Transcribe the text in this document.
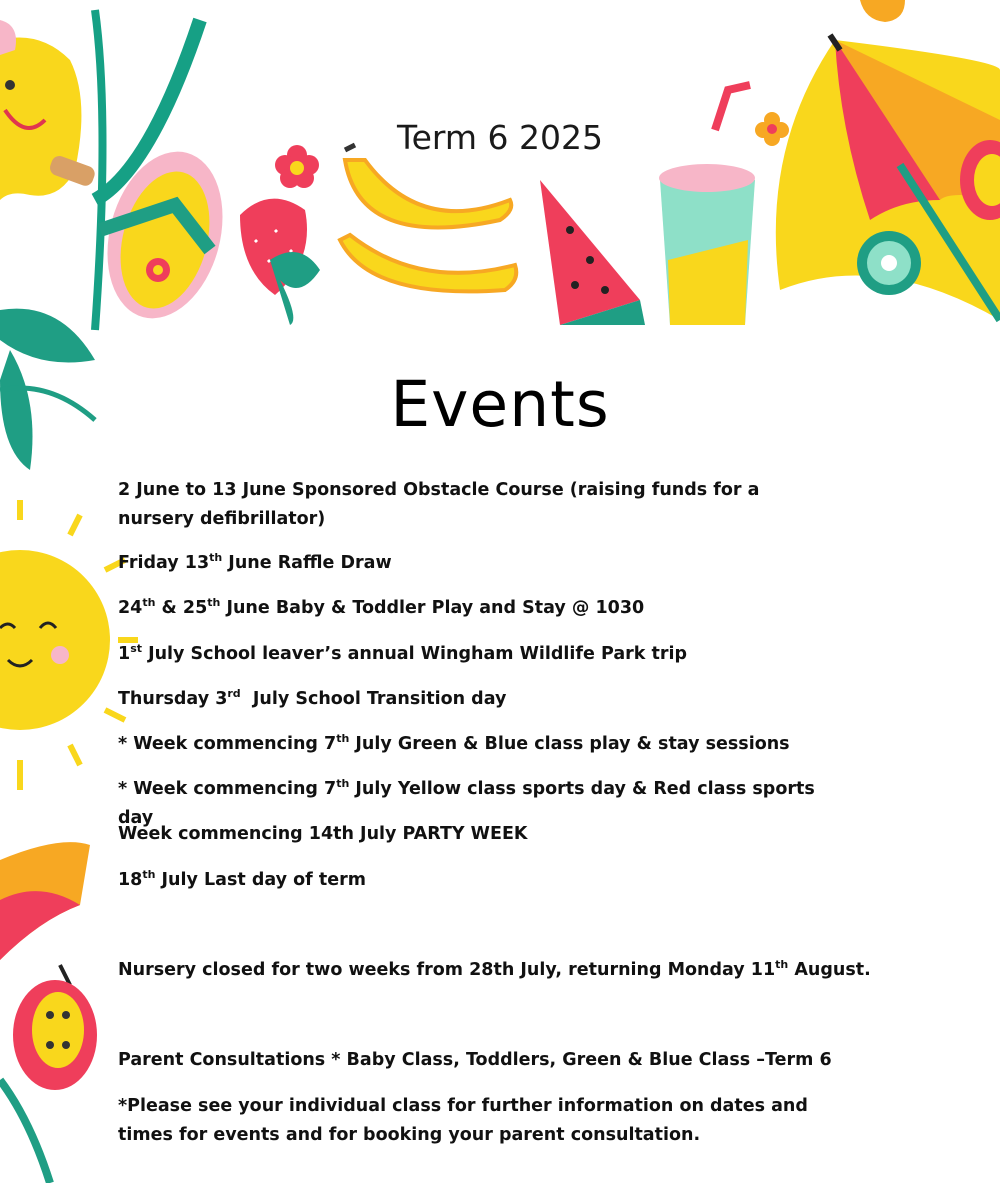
Term 6 2025
Events
2 June to 13 June Sponsored Obstacle Course (raising funds for a nursery defibrillator)
Friday 13th June Raffle Draw
24th & 25th June Baby & Toddler Play and Stay @ 1030
1st July School leaver’s annual Wingham Wildlife Park trip
Thursday 3rd  July School Transition day
* Week commencing 7th July Green & Blue class play & stay sessions
* Week commencing 7th July Yellow class sports day & Red class sports day
Week commencing 14th July PARTY WEEK
18th July Last day of term
Nursery closed for two weeks from 28th July, returning Monday 11th August.
Parent Consultations * Baby Class, Toddlers, Green & Blue Class –Term 6
*Please see your individual class for further information on dates and times for events and for booking your parent consultation.
